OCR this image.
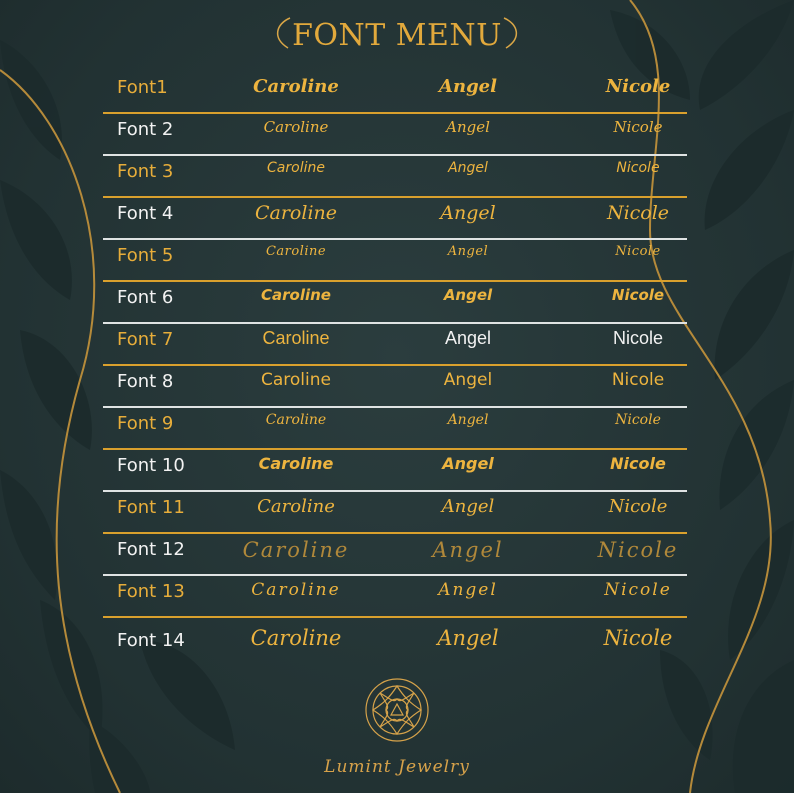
FONT MENU
Font1	Caroline	Angel	Nicole
Font 2	Caroline	Angel	Nicole
Font 3	Caroline	Angel	Nicole
Font 4	Caroline	Angel	Nicole
Font 5	Caroline	Angel	Nicole
Font 6	Caroline	Angel	Nicole
Font 7	Caroline	Angel	Nicole
Font 8	Caroline	Angel	Nicole
Font 9	Caroline	Angel	Nicole
Font 10	Caroline	Angel	Nicole
Font 11	Caroline	Angel	Nicole
Font 12	Caroline	Angel	Nicole
Font 13	Caroline	Angel	Nicole
Font 14	Caroline	Angel	Nicole
Lumint Jewelry
